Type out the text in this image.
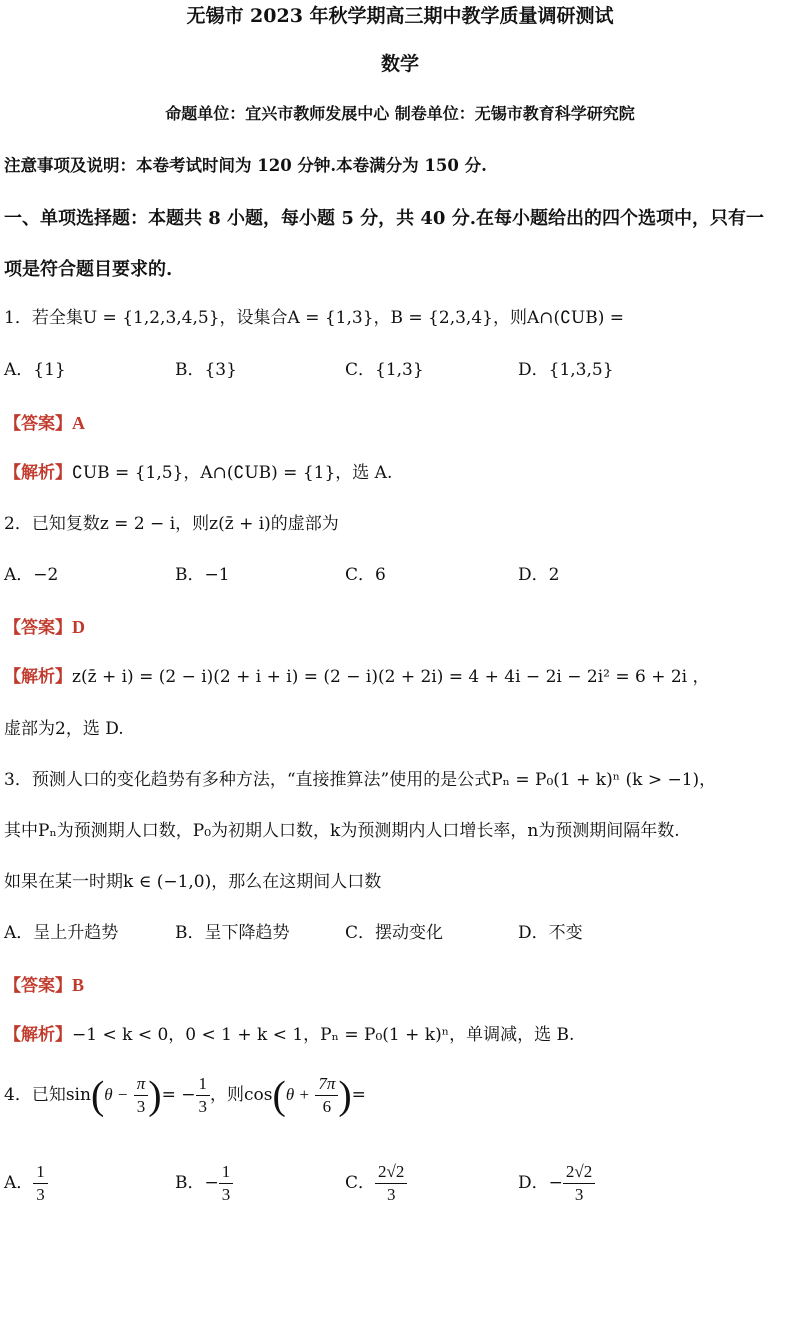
无锡市 2023 年秋学期高三期中教学质量调研测试
数学
命题单位：宜兴市教师发展中心 制卷单位：无锡市教育科学研究院
注意事项及说明：本卷考试时间为 120 分钟.本卷满分为 150 分.
一、单项选择题：本题共 8 小题，每小题 5 分，共 40 分.在每小题给出的四个选项中，只有一
项是符合题目要求的.
1．若全集U = {1,2,3,4,5}，设集合A = {1,3}，B = {2,3,4}，则A∩(∁UB) =
A．{1}	B．{3}	C．{1,3}	D．{1,3,5}
【答案】A
【解析】∁UB = {1,5}，A∩(∁UB) = {1}，选 A.
2．已知复数z = 2 − i，则z(z̄ + i)的虚部为
A．−2	B．−1	C．6	D．2
【答案】D
【解析】z(z̄ + i) = (2 − i)(2 + i + i) = (2 − i)(2 + 2i) = 4 + 4i − 2i − 2i² = 6 + 2i ，
虚部为2，选 D.
3．预测人口的变化趋势有多种方法，“直接推算法”使用的是公式Pₙ = P₀(1 + k)ⁿ (k > −1)，
其中Pₙ为预测期人口数，P₀为初期人口数，k为预测期内人口增长率，n为预测期间隔年数.
如果在某一时期k ∈ (−1,0)，那么在这期间人口数
A．呈上升趋势	B．呈下降趋势	C．摆动变化	D．不变
【答案】B
【解析】−1 < k < 0，0 < 1 + k < 1，Pₙ = P₀(1 + k)ⁿ，单调减，选 B.
4．已知$\sin(\theta - \frac{\pi}{3}$ )= − $\frac{1}{3}$ ，则$\cos(\theta + \frac{7\pi}{6}$ )=
A． $\frac{1}{3}$	B．− $\frac{1}{3}$	C． $\frac{2√2}{3}$	D．− $\frac{2√2}{3}$
